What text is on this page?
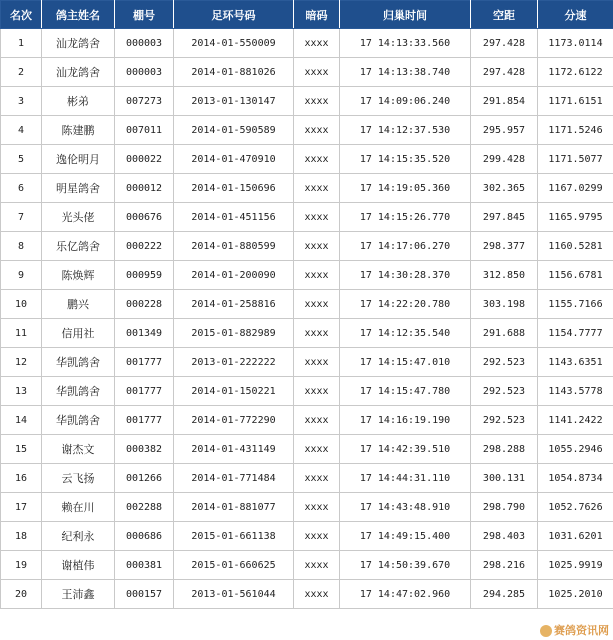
名次	鸽主姓名	棚号	足环号码	暗码	归巢时间	空距	分速
1	汕龙鸽舍	000003	2014-01-550009	xxxx	17 14:13:33.560	297.428	1173.0114
2	汕龙鸽舍	000003	2014-01-881026	xxxx	17 14:13:38.740	297.428	1172.6122
3	彬弟	007273	2013-01-130147	xxxx	17 14:09:06.240	291.854	1171.6151
4	陈建鹏	007011	2014-01-590589	xxxx	17 14:12:37.530	295.957	1171.5246
5	逸伦明月	000022	2014-01-470910	xxxx	17 14:15:35.520	299.428	1171.5077
6	明星鸽舍	000012	2014-01-150696	xxxx	17 14:19:05.360	302.365	1167.0299
7	光头佬	000676	2014-01-451156	xxxx	17 14:15:26.770	297.845	1165.9795
8	乐亿鸽舍	000222	2014-01-880599	xxxx	17 14:17:06.270	298.377	1160.5281
9	陈焕辉	000959	2014-01-200090	xxxx	17 14:30:28.370	312.850	1156.6781
10	鹏兴	000228	2014-01-258816	xxxx	17 14:22:20.780	303.198	1155.7166
11	信用社	001349	2015-01-882989	xxxx	17 14:12:35.540	291.688	1154.7777
12	华凯鸽舍	001777	2013-01-222222	xxxx	17 14:15:47.010	292.523	1143.6351
13	华凯鸽舍	001777	2014-01-150221	xxxx	17 14:15:47.780	292.523	1143.5778
14	华凯鸽舍	001777	2014-01-772290	xxxx	17 14:16:19.190	292.523	1141.2422
15	谢杰文	000382	2014-01-431149	xxxx	17 14:42:39.510	298.288	1055.2946
16	云飞扬	001266	2014-01-771484	xxxx	17 14:44:31.110	300.131	1054.8734
17	赖在川	002288	2014-01-881077	xxxx	17 14:43:48.910	298.790	1052.7626
18	纪利永	000686	2015-01-661138	xxxx	17 14:49:15.400	298.403	1031.6201
19	谢植伟	000381	2015-01-660625	xxxx	17 14:50:39.670	298.216	1025.9919
20	王沛鑫	000157	2013-01-561044	xxxx	17 14:47:02.960	294.285	1025.2010
赛鸽资讯网
